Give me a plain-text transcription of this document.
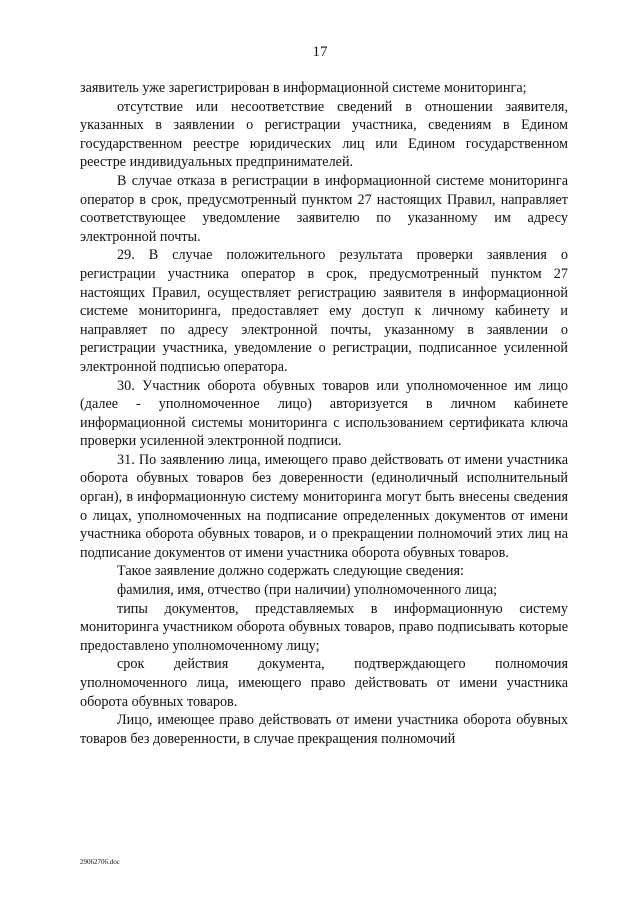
17

заявитель уже зарегистрирован в информационной системе мониторинга;

отсутствие или несоответствие сведений в отношении заявителя, указанных в заявлении о регистрации участника, сведениям в Едином государственном реестре юридических лиц или Едином государственном реестре индивидуальных предпринимателей.

В случае отказа в регистрации в информационной системе мониторинга оператор в срок, предусмотренный пунктом 27 настоящих Правил, направляет соответствующее уведомление заявителю по указанному им адресу электронной почты.

29. В случае положительного результата проверки заявления о регистрации участника оператор в срок, предусмотренный пунктом 27 настоящих Правил, осуществляет регистрацию заявителя в информационной системе мониторинга, предоставляет ему доступ к личному кабинету и направляет по адресу электронной почты, указанному в заявлении о регистрации участника, уведомление о регистрации, подписанное усиленной электронной подписью оператора.

30. Участник оборота обувных товаров или уполномоченное им лицо (далее - уполномоченное лицо) авторизуется в личном кабинете информационной системы мониторинга с использованием сертификата ключа проверки усиленной электронной подписи.

31. По заявлению лица, имеющего право действовать от имени участника оборота обувных товаров без доверенности (единоличный исполнительный орган), в информационную систему мониторинга могут быть внесены сведения о лицах, уполномоченных на подписание определенных документов от имени участника оборота обувных товаров, и о прекращении полномочий этих лиц на подписание документов от имени участника оборота обувных товаров.

Такое заявление должно содержать следующие сведения:

фамилия, имя, отчество (при наличии) уполномоченного лица;

типы документов, представляемых в информационную систему мониторинга участником оборота обувных товаров, право подписывать которые предоставлено уполномоченному лицу;

срок действия документа, подтверждающего полномочия уполномоченного лица, имеющего право действовать от имени участника оборота обувных товаров.

Лицо, имеющее право действовать от имени участника оборота обувных товаров без доверенности, в случае прекращения полномочий

29062706.doc
